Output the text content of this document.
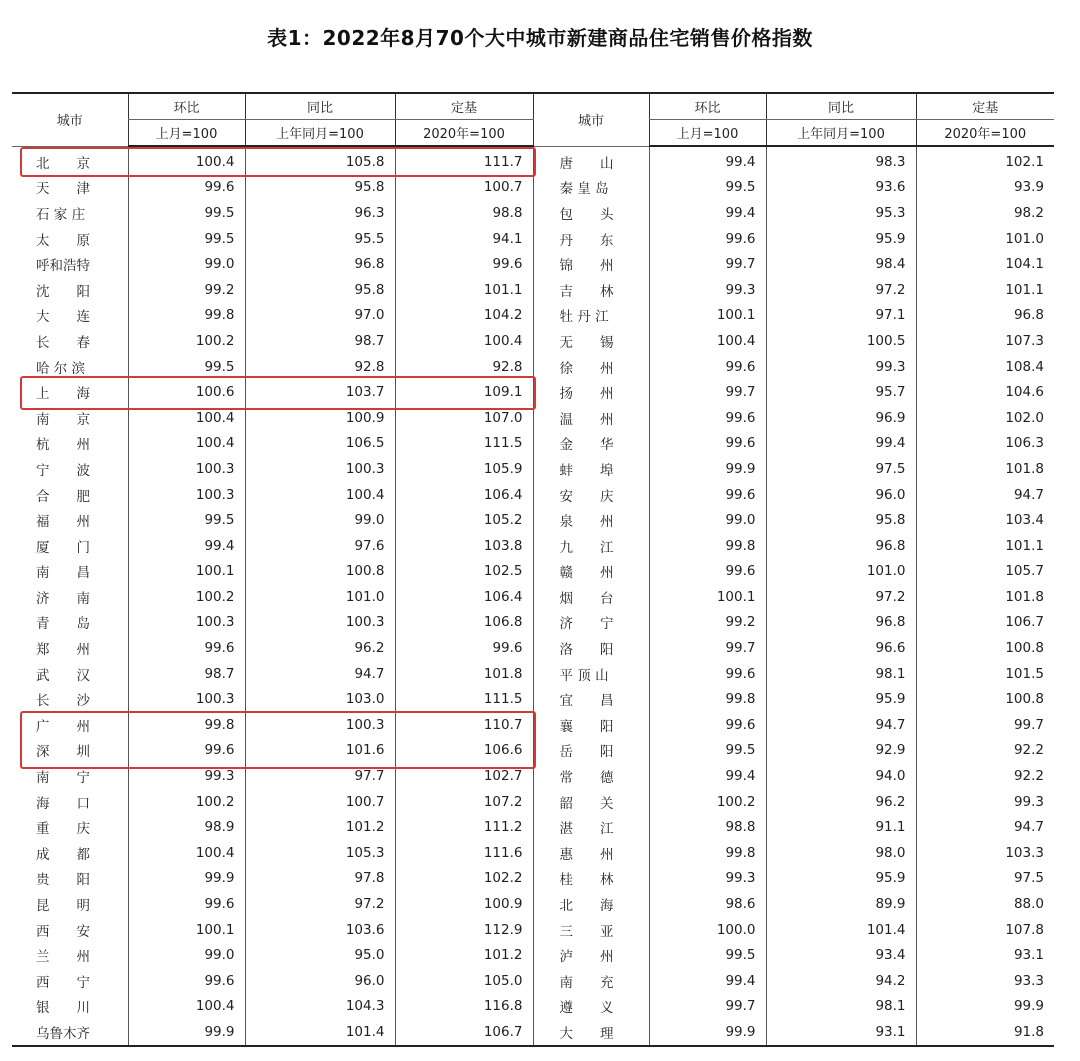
表1：2022年8月70个大中城市新建商品住宅销售价格指数
城市	环比	同比	定基	城市	环比	同比	定基
	上月=100	上年同月=100	2020年=100		上月=100	上年同月=100	2020年=100
北　　京	100.4	105.8	111.7	唐　　山	99.4	98.3	102.1
天　　津	99.6	95.8	100.7	秦 皇 岛	99.5	93.6	93.9
石 家 庄	99.5	96.3	98.8	包　　头	99.4	95.3	98.2
太　　原	99.5	95.5	94.1	丹　　东	99.6	95.9	101.0
呼和浩特	99.0	96.8	99.6	锦　　州	99.7	98.4	104.1
沈　　阳	99.2	95.8	101.1	吉　　林	99.3	97.2	101.1
大　　连	99.8	97.0	104.2	牡 丹 江	100.1	97.1	96.8
长　　春	100.2	98.7	100.4	无　　锡	100.4	100.5	107.3
哈 尔 滨	99.5	92.8	92.8	徐　　州	99.6	99.3	108.4
上　　海	100.6	103.7	109.1	扬　　州	99.7	95.7	104.6
南　　京	100.4	100.9	107.0	温　　州	99.6	96.9	102.0
杭　　州	100.4	106.5	111.5	金　　华	99.6	99.4	106.3
宁　　波	100.3	100.3	105.9	蚌　　埠	99.9	97.5	101.8
合　　肥	100.3	100.4	106.4	安　　庆	99.6	96.0	94.7
福　　州	99.5	99.0	105.2	泉　　州	99.0	95.8	103.4
厦　　门	99.4	97.6	103.8	九　　江	99.8	96.8	101.1
南　　昌	100.1	100.8	102.5	赣　　州	99.6	101.0	105.7
济　　南	100.2	101.0	106.4	烟　　台	100.1	97.2	101.8
青　　岛	100.3	100.3	106.8	济　　宁	99.2	96.8	106.7
郑　　州	99.6	96.2	99.6	洛　　阳	99.7	96.6	100.8
武　　汉	98.7	94.7	101.8	平 顶 山	99.6	98.1	101.5
长　　沙	100.3	103.0	111.5	宜　　昌	99.8	95.9	100.8
广　　州	99.8	100.3	110.7	襄　　阳	99.6	94.7	99.7
深　　圳	99.6	101.6	106.6	岳　　阳	99.5	92.9	92.2
南　　宁	99.3	97.7	102.7	常　　德	99.4	94.0	92.2
海　　口	100.2	100.7	107.2	韶　　关	100.2	96.2	99.3
重　　庆	98.9	101.2	111.2	湛　　江	98.8	91.1	94.7
成　　都	100.4	105.3	111.6	惠　　州	99.8	98.0	103.3
贵　　阳	99.9	97.8	102.2	桂　　林	99.3	95.9	97.5
昆　　明	99.6	97.2	100.9	北　　海	98.6	89.9	88.0
西　　安	100.1	103.6	112.9	三　　亚	100.0	101.4	107.8
兰　　州	99.0	95.0	101.2	泸　　州	99.5	93.4	93.1
西　　宁	99.6	96.0	105.0	南　　充	99.4	94.2	93.3
银　　川	100.4	104.3	116.8	遵　　义	99.7	98.1	99.9
乌鲁木齐	99.9	101.4	106.7	大　　理	99.9	93.1	91.8
